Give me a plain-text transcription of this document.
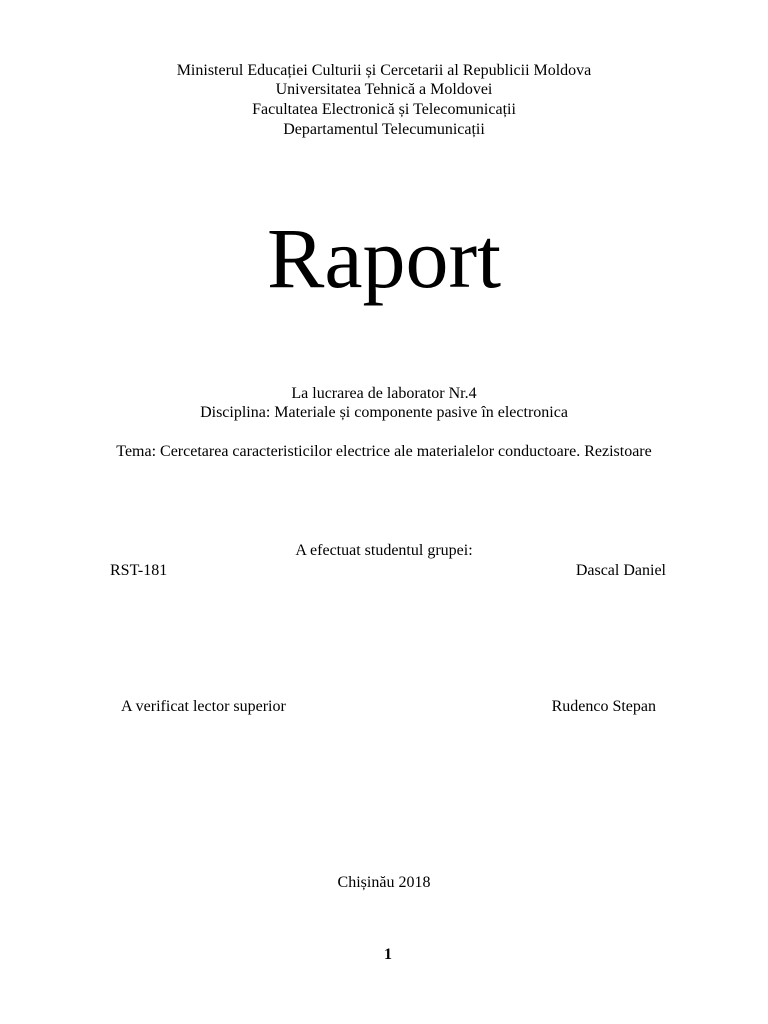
Ministerul Educației Culturii și Cercetarii al Republicii Moldova
Universitatea Tehnică a Moldovei
Facultatea Electronică și Telecomunicații
Departamentul Telecumunicații
Raport
La lucrarea de laborator Nr.4
Disciplina: Materiale și componente pasive în electronica
Tema: Cercetarea caracteristicilor electrice ale materialelor conductoare. Rezistoare
A efectuat studentul grupei:
RST-181	Dascal Daniel
A verificat lector superior	Rudenco Stepan
Chișinău 2018
1
